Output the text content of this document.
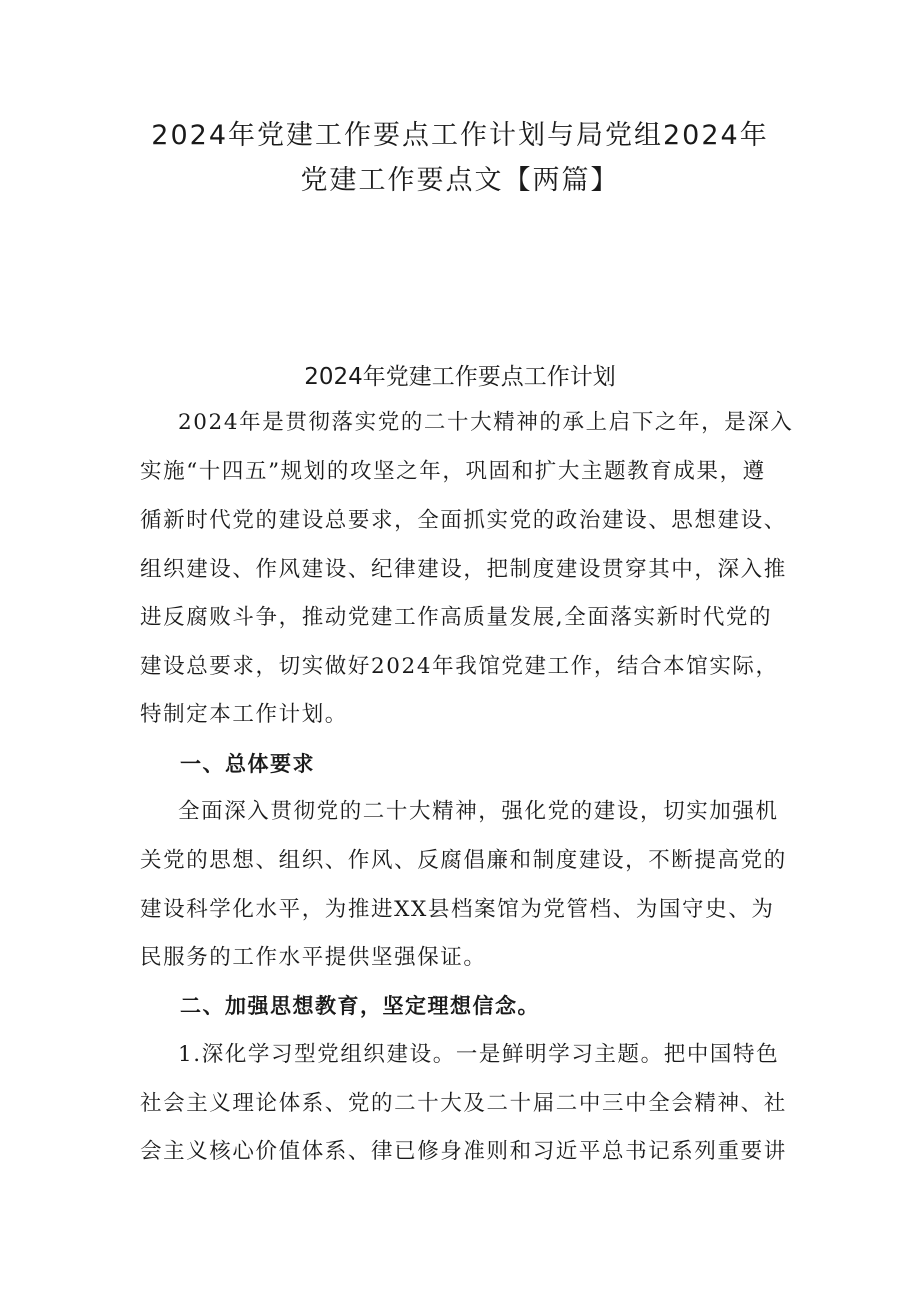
2024年党建工作要点工作计划与局党组2024年
党建工作要点文【两篇】
2024年党建工作要点工作计划
2024年是贯彻落实党的二十大精神的承上启下之年，是深入
实施“十四五”规划的攻坚之年，巩固和扩大主题教育成果，遵
循新时代党的建设总要求，全面抓实党的政治建设、思想建设、
组织建设、作风建设、纪律建设，把制度建设贯穿其中，深入推
进反腐败斗争，推动党建工作高质量发展,全面落实新时代党的
建设总要求，切实做好2024年我馆党建工作，结合本馆实际，
特制定本工作计划。
一、总体要求
全面深入贯彻党的二十大精神，强化党的建设，切实加强机
关党的思想、组织、作风、反腐倡廉和制度建设，不断提高党的
建设科学化水平，为推进XX县档案馆为党管档、为国守史、为
民服务的工作水平提供坚强保证。
二、加强思想教育，坚定理想信念。
1.深化学习型党组织建设。一是鲜明学习主题。把中国特色
社会主义理论体系、党的二十大及二十届二中三中全会精神、社
会主义核心价值体系、律已修身准则和习近平总书记系列重要讲
